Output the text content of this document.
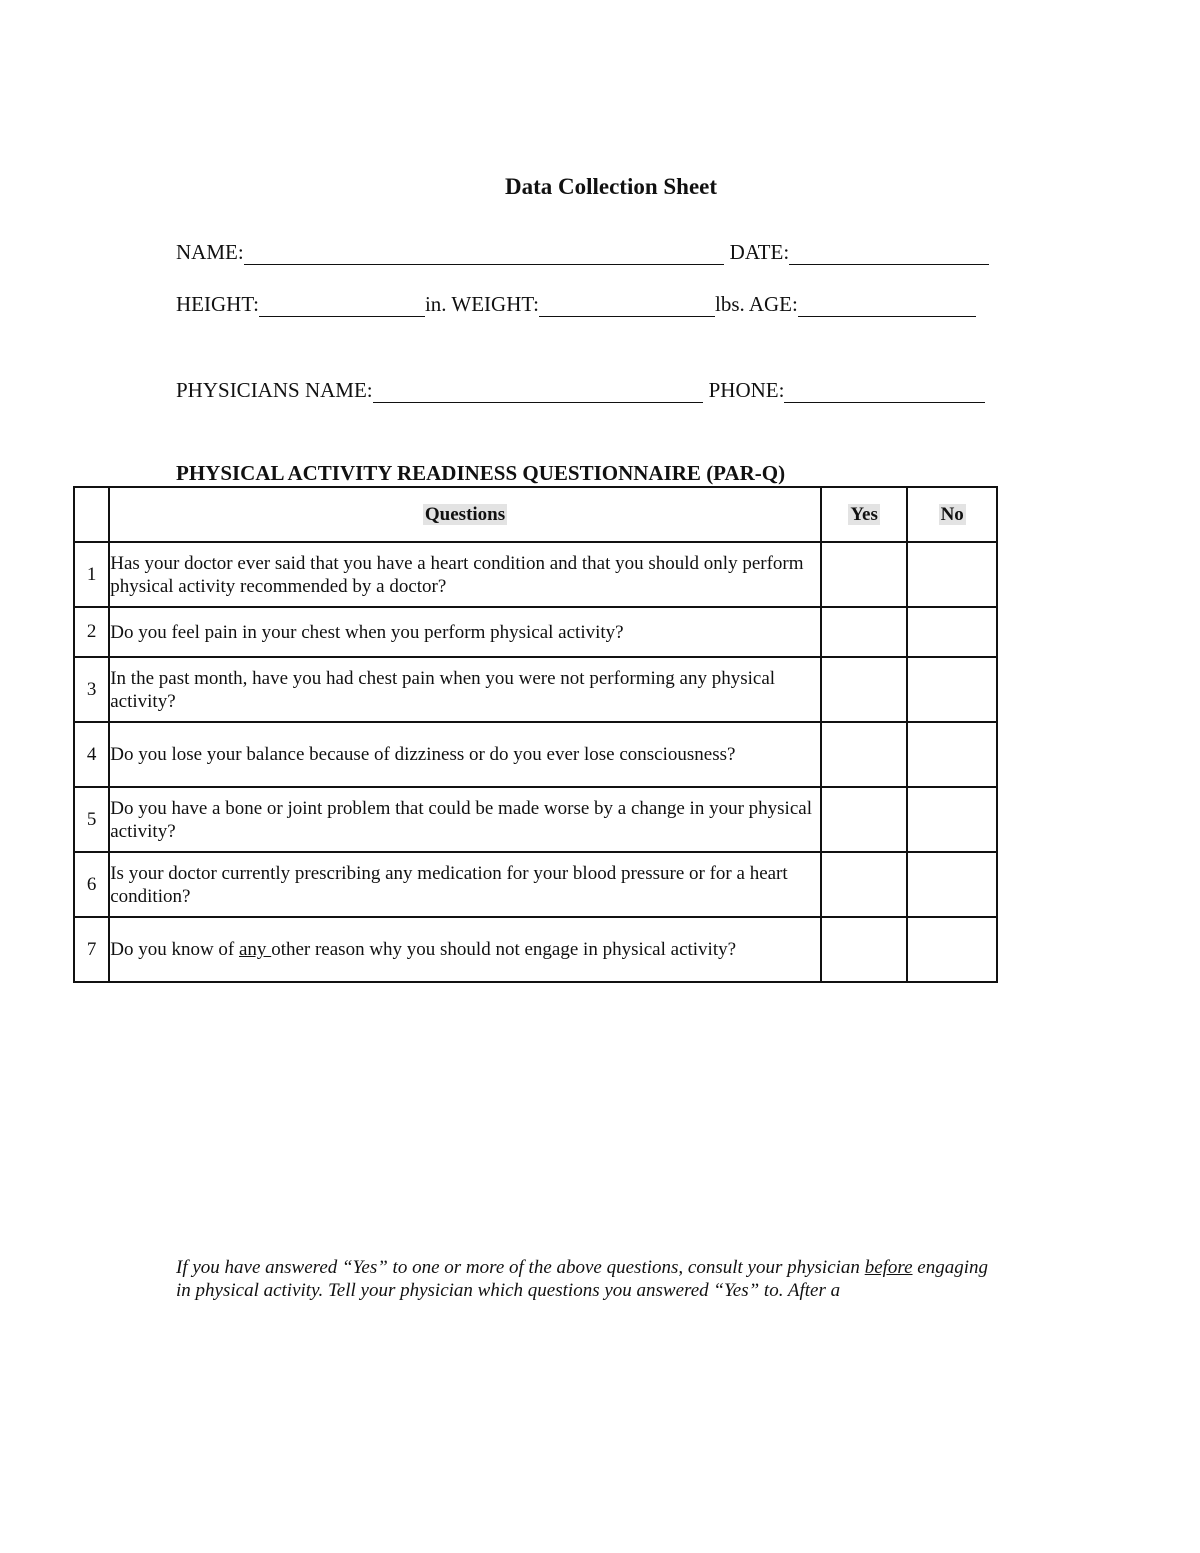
Data Collection Sheet
NAME:	DATE:
HEIGHT:	in. WEIGHT:	lbs. AGE:
PHYSICIANS NAME:	PHONE:
PHYSICAL ACTIVITY READINESS QUESTIONNAIRE (PAR-Q)
	Questions	Yes	No
1	Has your doctor ever said that you have a heart condition and that you should only perform physical activity recommended by a doctor?		
2	Do you feel pain in your chest when you perform physical activity?		
3	In the past month, have you had chest pain when you were not performing any physical activity?		
4	Do you lose your balance because of dizziness or do you ever lose consciousness?		
5	Do you have a bone or joint problem that could be made worse by a change in your physical activity?		
6	Is your doctor currently prescribing any medication for your blood pressure or for a heart condition?		
7	Do you know of any other reason why you should not engage in physical activity?		

If you have answered “Yes” to one or more of the above questions, consult your physician before engaging in physical activity. Tell your physician which questions you answered “Yes” to. After a
